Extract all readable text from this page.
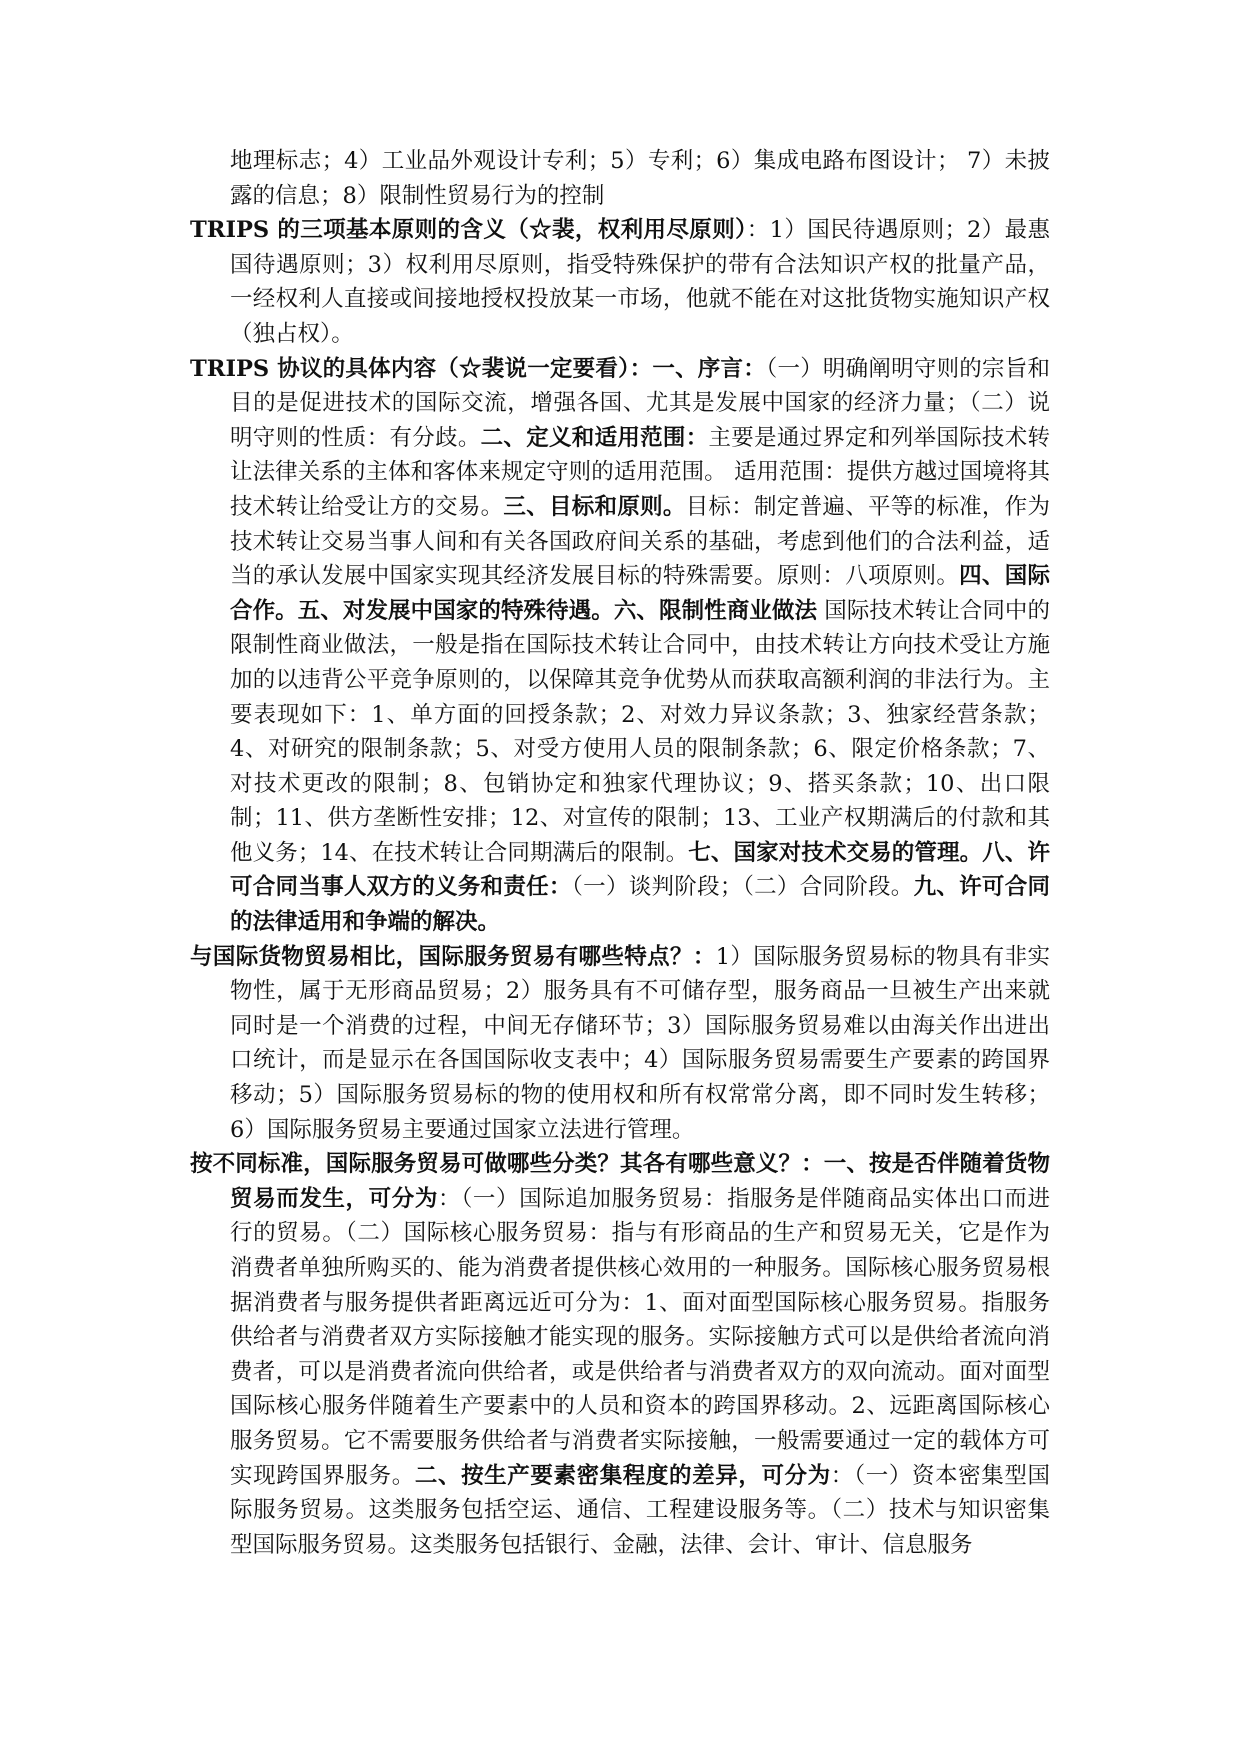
地理标志；4）工业品外观设计专利；5）专利；6）集成电路布图设计； 7）未披露的信息；8）限制性贸易行为的控制
TRIPS 的三项基本原则的含义（☆裴，权利用尽原则）：1）国民待遇原则；2）最惠国待遇原则；3）权利用尽原则，指受特殊保护的带有合法知识产权的批量产品，一经权利人直接或间接地授权投放某一市场，他就不能在对这批货物实施知识产权（独占权）。
TRIPS 协议的具体内容（☆裴说一定要看）：一、序言：（一）明确阐明守则的宗旨和目的是促进技术的国际交流，增强各国、尤其是发展中国家的经济力量；（二）说明守则的性质：有分歧。二、定义和适用范围：主要是通过界定和列举国际技术转让法律关系的主体和客体来规定守则的适用范围。 适用范围：提供方越过国境将其技术转让给受让方的交易。三、目标和原则。目标：制定普遍、平等的标准，作为技术转让交易当事人间和有关各国政府间关系的基础，考虑到他们的合法利益，适当的承认发展中国家实现其经济发展目标的特殊需要。原则：八项原则。四、国际合作。五、对发展中国家的特殊待遇。六、限制性商业做法 国际技术转让合同中的限制性商业做法，一般是指在国际技术转让合同中，由技术转让方向技术受让方施加的以违背公平竞争原则的，以保障其竞争优势从而获取高额利润的非法行为。主要表现如下：1、单方面的回授条款；2、对效力异议条款；3、独家经营条款；4、对研究的限制条款；5、对受方使用人员的限制条款；6、限定价格条款；7、对技术更改的限制；8、包销协定和独家代理协议；9、搭买条款；10、出口限制；11、供方垄断性安排；12、对宣传的限制；13、工业产权期满后的付款和其他义务；14、在技术转让合同期满后的限制。七、国家对技术交易的管理。八、许可合同当事人双方的义务和责任：（一）谈判阶段；（二）合同阶段。九、许可合同的法律适用和争端的解决。
与国际货物贸易相比，国际服务贸易有哪些特点？：1）国际服务贸易标的物具有非实物性，属于无形商品贸易；2）服务具有不可储存型，服务商品一旦被生产出来就同时是一个消费的过程，中间无存储环节；3）国际服务贸易难以由海关作出进出口统计，而是显示在各国国际收支表中；4）国际服务贸易需要生产要素的跨国界移动；5）国际服务贸易标的物的使用权和所有权常常分离，即不同时发生转移；6）国际服务贸易主要通过国家立法进行管理。
按不同标准，国际服务贸易可做哪些分类？其各有哪些意义？：一、按是否伴随着货物贸易而发生，可分为：（一）国际追加服务贸易：指服务是伴随商品实体出口而进行的贸易。（二）国际核心服务贸易：指与有形商品的生产和贸易无关，它是作为消费者单独所购买的、能为消费者提供核心效用的一种服务。国际核心服务贸易根据消费者与服务提供者距离远近可分为：1、面对面型国际核心服务贸易。指服务供给者与消费者双方实际接触才能实现的服务。实际接触方式可以是供给者流向消费者，可以是消费者流向供给者，或是供给者与消费者双方的双向流动。面对面型国际核心服务伴随着生产要素中的人员和资本的跨国界移动。2、远距离国际核心服务贸易。它不需要服务供给者与消费者实际接触，一般需要通过一定的载体方可实现跨国界服务。二、按生产要素密集程度的差异，可分为：（一）资本密集型国际服务贸易。这类服务包括空运、通信、工程建设服务等。（二）技术与知识密集型国际服务贸易。这类服务包括银行、金融，法律、会计、审计、信息服务
